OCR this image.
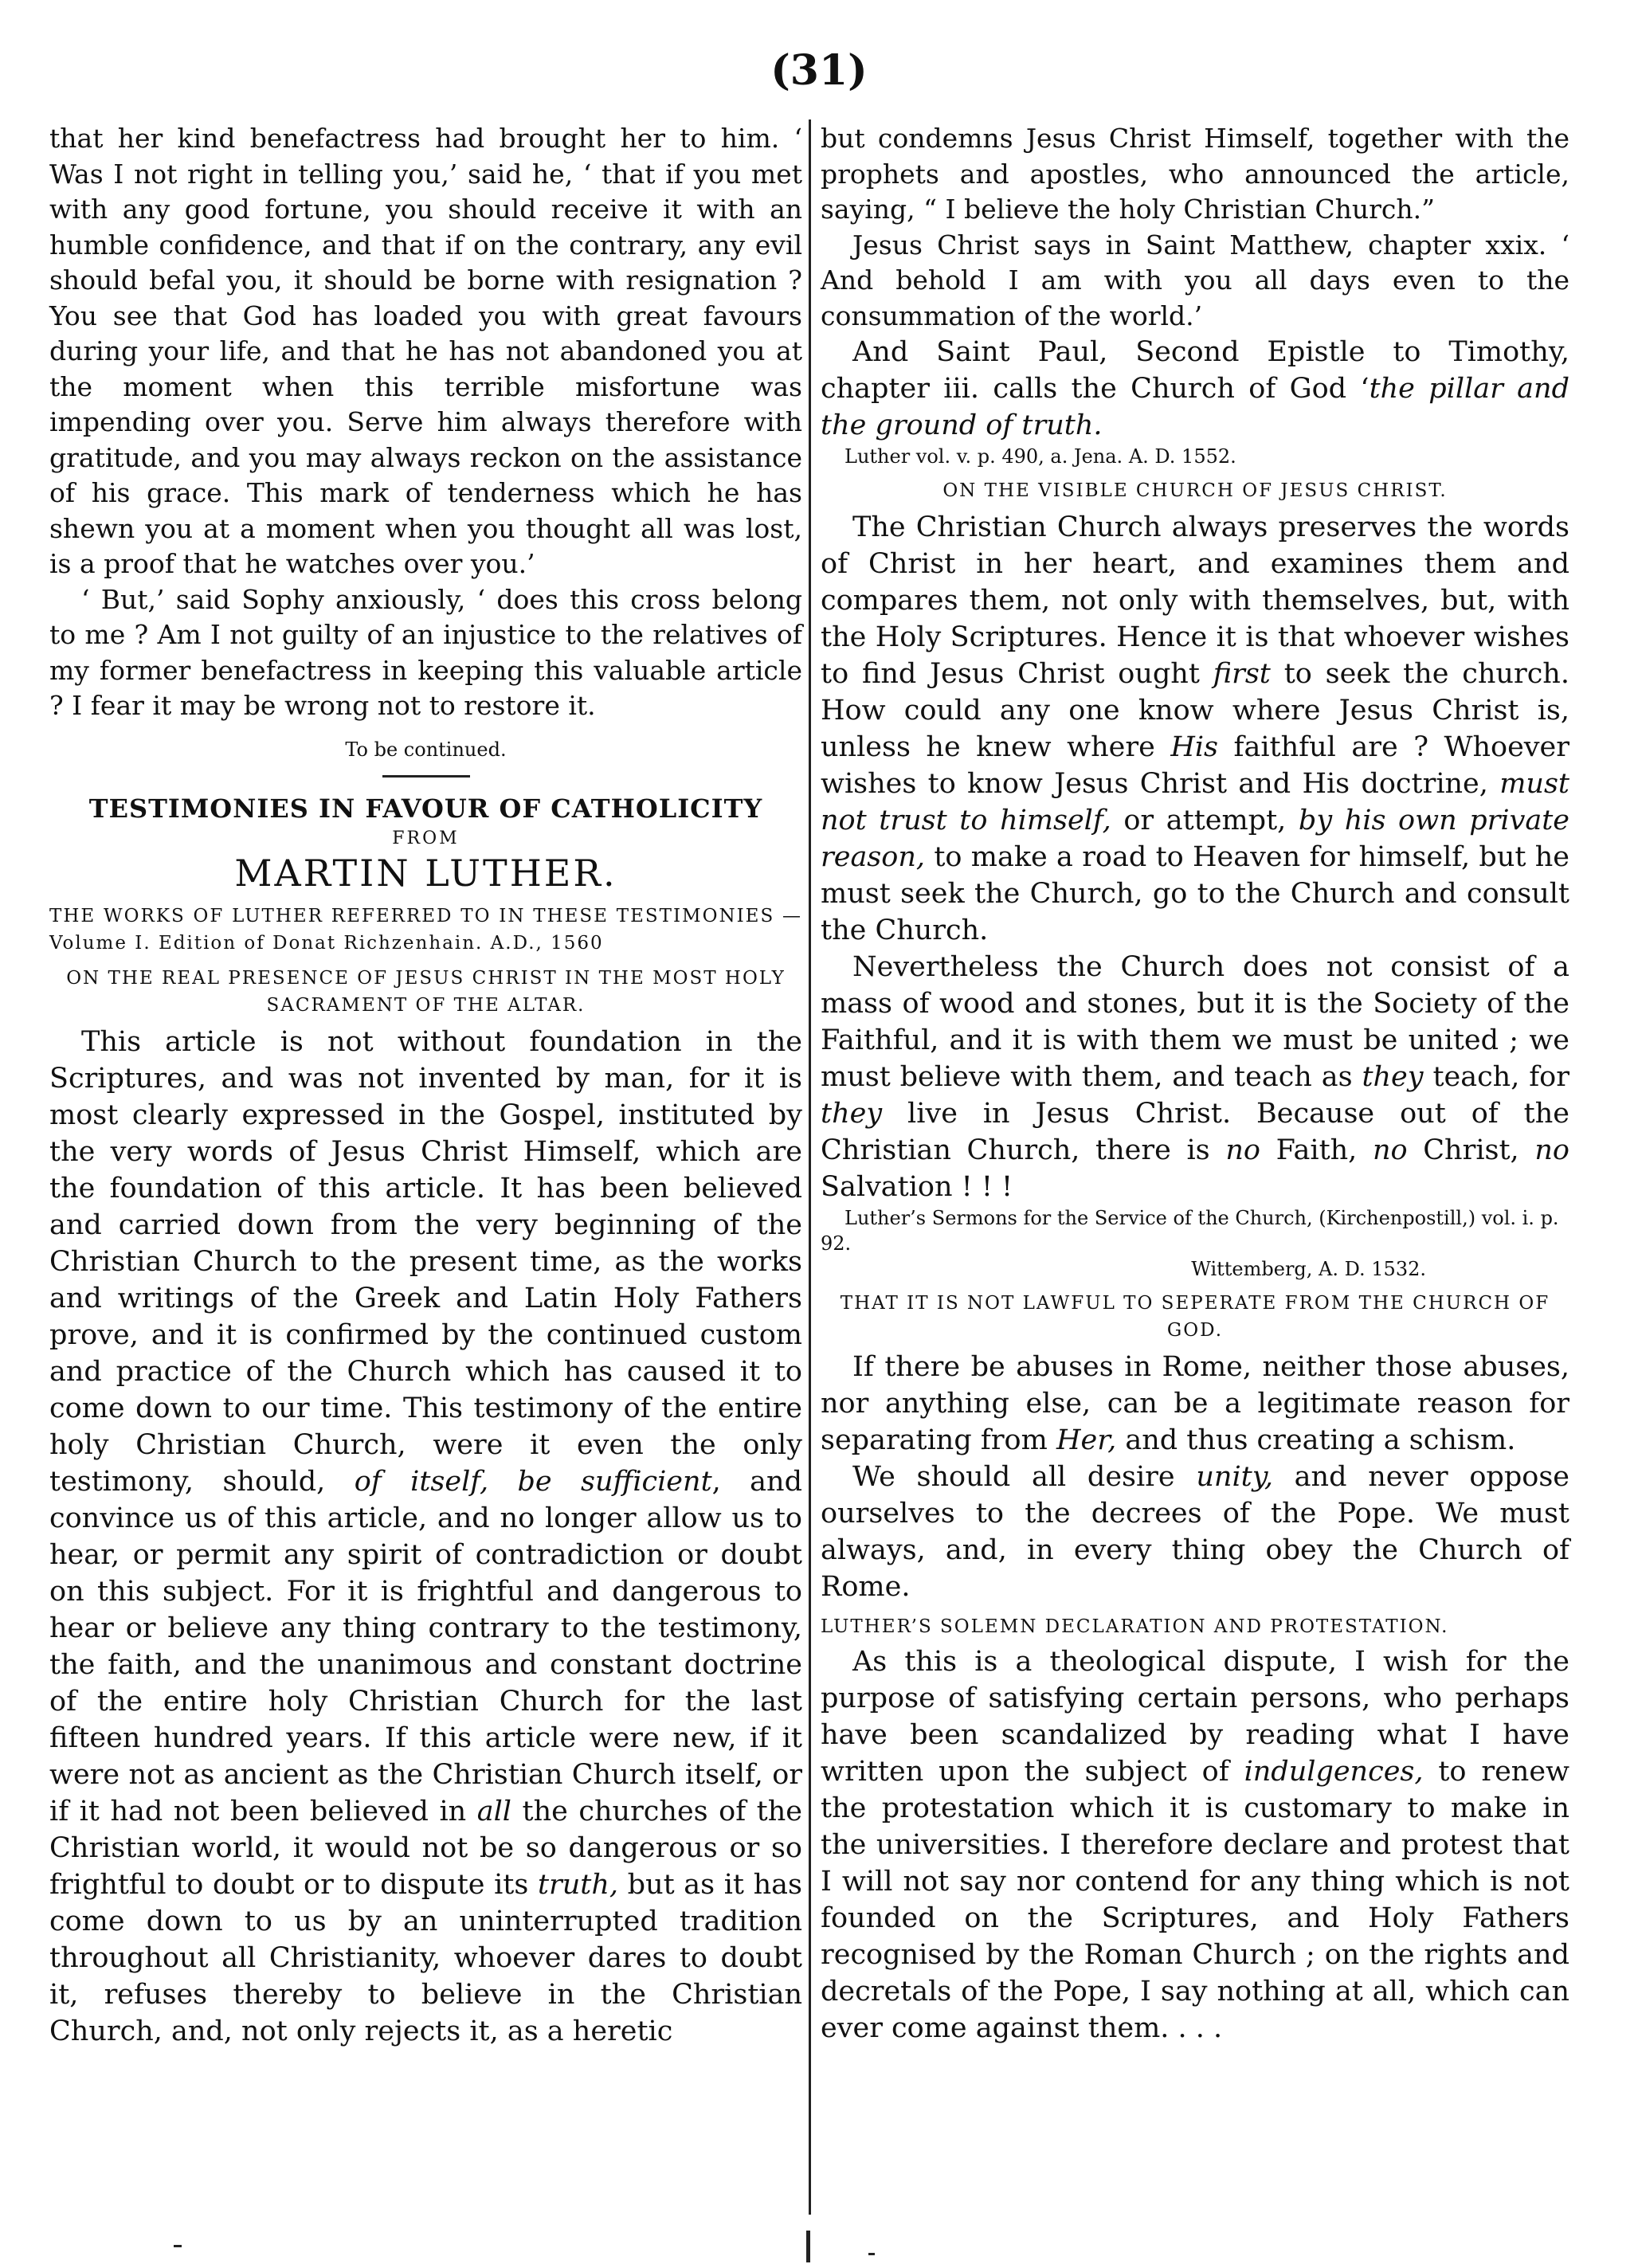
(31)

that her kind benefactress had brought her to him. ‘ Was I not right in telling you,’ said he, ‘ that if you met with any good fortune, you should receive it with an humble confidence, and that if on the contrary, any evil should befal you, it should be borne with resignation ? You see that God has loaded you with great favours during your life, and that he has not abandoned you at the moment when this terrible misfortune was impending over you. Serve him always therefore with gratitude, and you may always reckon on the assistance of his grace. This mark of tenderness which he has shewn you at a moment when you thought all was lost, is a proof that he watches over you.’

‘ But,’ said Sophy anxiously, ‘ does this cross belong to me ? Am I not guilty of an injustice to the relatives of my former benefactress in keeping this valuable article ? I fear it may be wrong not to restore it.

To be continued.
TESTIMONIES IN FAVOUR OF CATHOLICITY
FROM
MARTIN LUTHER.
THE WORKS OF LUTHER REFERRED TO IN THESE TESTIMONIES —Volume I. Edition of Donat Richzenhain. A.D., 1560
ON THE REAL PRESENCE OF JESUS CHRIST IN THE MOST HOLY SACRAMENT OF THE ALTAR.

This article is not without foundation in the Scriptures, and was not invented by man, for it is most clearly expressed in the Gospel, instituted by the very words of Jesus Christ Himself, which are the foundation of this article. It has been believed and carried down from the very beginning of the Christian Church to the present time, as the works and writings of the Greek and Latin Holy Fathers prove, and it is confirmed by the continued custom and practice of the Church which has caused it to come down to our time. This testimony of the entire holy Christian Church, were it even the only testimony, should, of itself, be sufficient, and convince us of this article, and no longer allow us to hear, or permit any spirit of contradiction or doubt on this subject. For it is frightful and dangerous to hear or believe any thing contrary to the testimony, the faith, and the unanimous and constant doctrine of the entire holy Christian Church for the last fifteen hundred years. If this article were new, if it were not as ancient as the Christian Church itself, or if it had not been believed in all the churches of the Christian world, it would not be so dangerous or so frightful to doubt or to dispute its truth, but as it has come down to us by an uninterrupted tradition throughout all Christianity, whoever dares to doubt it, refuses thereby to believe in the Christian Church, and, not only rejects it, as a heretic

but condemns Jesus Christ Himself, together with the prophets and apostles, who announced the article, saying, “ I believe the holy Christian Church.”

Jesus Christ says in Saint Matthew, chapter xxix. ‘ And behold I am with you all days even to the consummation of the world.’

And Saint Paul, Second Epistle to Timothy, chapter iii. calls the Church of God ‘the pillar and the ground of truth.

Luther vol. v. p. 490, a. Jena. A. D. 1552.
ON THE VISIBLE CHURCH OF JESUS CHRIST.

The Christian Church always preserves the words of Christ in her heart, and examines them and compares them, not only with themselves, but, with the Holy Scriptures. Hence it is that whoever wishes to find Jesus Christ ought first to seek the church. How could any one know where Jesus Christ is, unless he knew where His faithful are ? Whoever wishes to know Jesus Christ and His doctrine, must not trust to himself, or attempt, by his own private reason, to make a road to Heaven for himself, but he must seek the Church, go to the Church and consult the Church.

Nevertheless the Church does not consist of a mass of wood and stones, but it is the Society of the Faithful, and it is with them we must be united ; we must believe with them, and teach as they teach, for they live in Jesus Christ. Because out of the Christian Church, there is no Faith, no Christ, no Salvation ! ! !

Luther’s Sermons for the Service of the Church, (Kirchenpostill,) vol. i. p. 92.
Wittemberg, A. D. 1532.
THAT IT IS NOT LAWFUL TO SEPERATE FROM THE CHURCH OF GOD.

If there be abuses in Rome, neither those abuses, nor anything else, can be a legitimate reason for separating from Her, and thus creating a schism.

We should all desire unity, and never oppose ourselves to the decrees of the Pope. We must always, and, in every thing obey the Church of Rome.

LUTHER’S SOLEMN DECLARATION AND PROTESTATION.

As this is a theological dispute, I wish for the purpose of satisfying certain persons, who perhaps have been scandalized by reading what I have written upon the subject of indulgences, to renew the protestation which it is customary to make in the universities. I therefore declare and protest that I will not say nor contend for any thing which is not founded on the Scriptures, and Holy Fathers recognised by the Roman Church ; on the rights and decretals of the Pope, I say nothing at all, which can ever come against them. . . .
